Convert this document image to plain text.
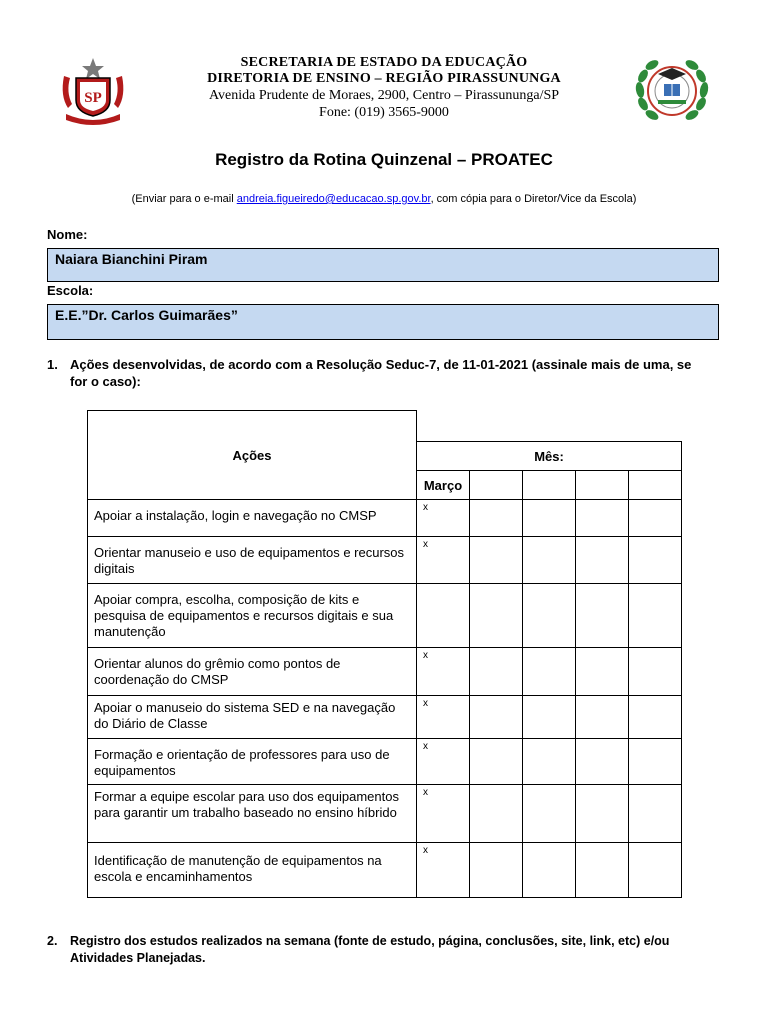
SP
SECRETARIA DE ESTADO DA EDUCAÇÃO
DIRETORIA DE ENSINO – REGIÃO PIRASSUNUNGA
Avenida Prudente de Moraes, 2900, Centro – Pirassununga/SP
Fone: (019) 3565-9000
Registro da Rotina Quinzenal – PROATEC
(Enviar para o e-mail andreia.figueiredo@educacao.sp.gov.br, com cópia para o Diretor/Vice da Escola)
Nome:
Naiara Bianchini Piram
Escola:
E.E.”Dr. Carlos Guimarães”
1. Ações desenvolvidas, de acordo com a Resolução Seduc-7, de 11-01-2021 (assinale mais de uma, se for o caso):
Ações					
	Mês:				
	Março				
Apoiar a instalação, login e navegação no CMSP	x				
Orientar manuseio e uso de equipamentos e recursos digitais	x				
Apoiar compra, escolha, composição de kits e pesquisa de equipamentos e recursos digitais e sua manutenção					
Orientar alunos do grêmio como pontos de coordenação do CMSP	x				
Apoiar o manuseio do sistema SED e na navegação do Diário de Classe	x				
Formação e orientação de professores para uso de equipamentos	x				
Formar a equipe escolar para uso dos equipamentos para garantir um trabalho baseado no ensino híbrido	x				
Identificação de manutenção de equipamentos na escola e encaminhamentos	x				
2. Registro dos estudos realizados na semana (fonte de estudo, página, conclusões, site, link, etc) e/ou Atividades Planejadas.
